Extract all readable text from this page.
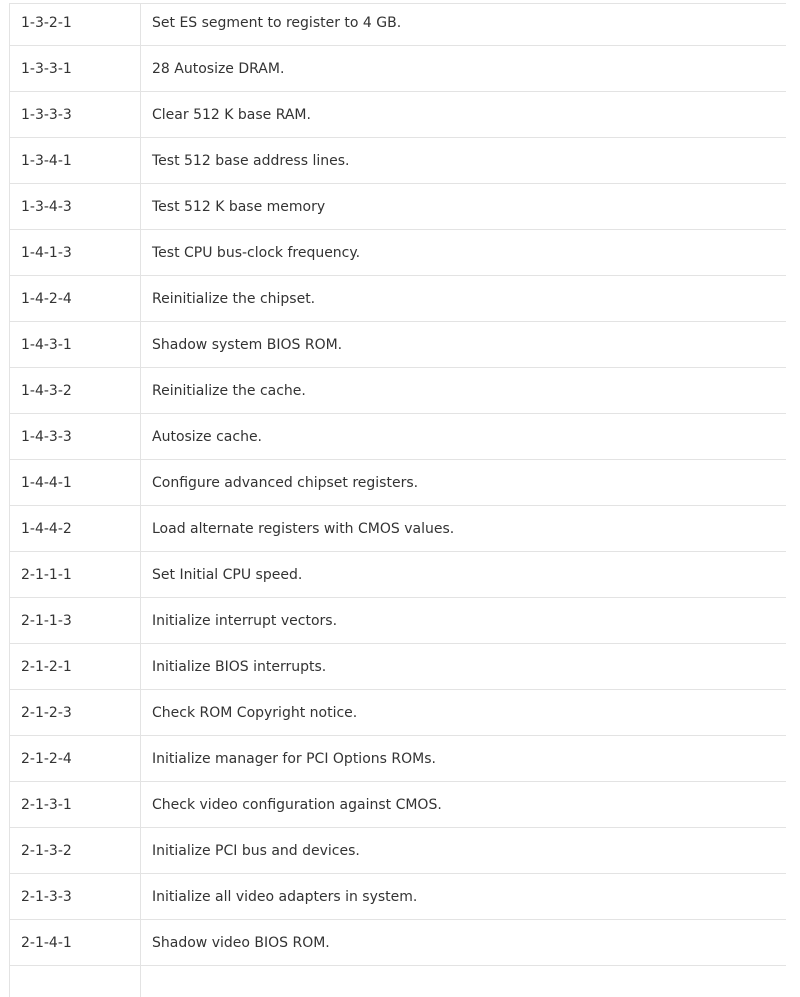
1-3-2-1	Set ES segment to register to 4 GB.
1-3-3-1	28 Autosize DRAM.
1-3-3-3	Clear 512 K base RAM.
1-3-4-1	Test 512 base address lines.
1-3-4-3	Test 512 K base memory
1-4-1-3	Test CPU bus-clock frequency.
1-4-2-4	Reinitialize the chipset.
1-4-3-1	Shadow system BIOS ROM.
1-4-3-2	Reinitialize the cache.
1-4-3-3	Autosize cache.
1-4-4-1	Configure advanced chipset registers.
1-4-4-2	Load alternate registers with CMOS values.
2-1-1-1	Set Initial CPU speed.
2-1-1-3	Initialize interrupt vectors.
2-1-2-1	Initialize BIOS interrupts.
2-1-2-3	Check ROM Copyright notice.
2-1-2-4	Initialize manager for PCI Options ROMs.
2-1-3-1	Check video configuration against CMOS.
2-1-3-2	Initialize PCI bus and devices.
2-1-3-3	Initialize all video adapters in system.
2-1-4-1	Shadow video BIOS ROM.
